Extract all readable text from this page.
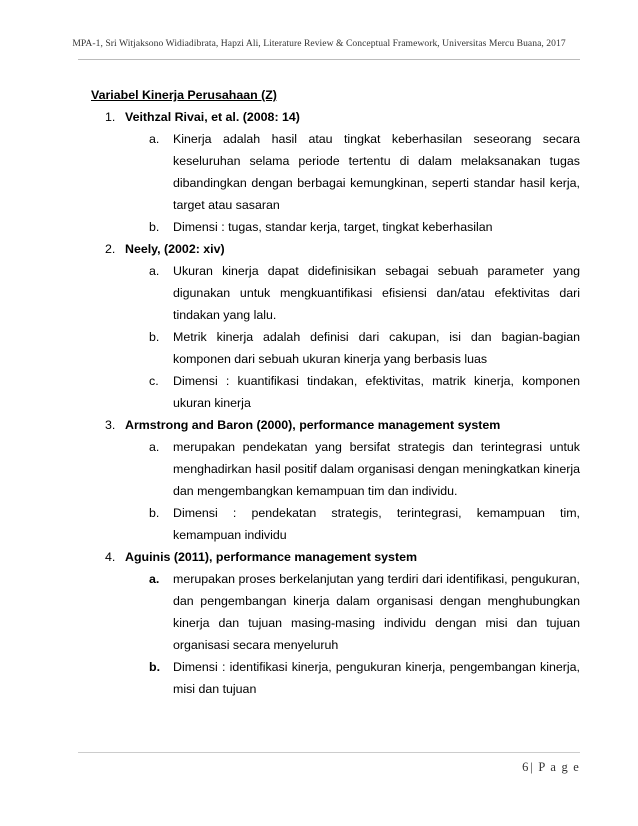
MPA-1, Sri Witjaksono Widiadibrata, Hapzi Ali, Literature Review & Conceptual Framework, Universitas Mercu Buana, 2017
Variabel Kinerja Perusahaan (Z)
1. Veithzal Rivai, et al. (2008: 14)
a. Kinerja adalah hasil atau tingkat keberhasilan seseorang secara keseluruhan selama periode tertentu di dalam melaksanakan tugas dibandingkan dengan berbagai kemungkinan, seperti standar hasil kerja, target atau sasaran
b. Dimensi : tugas, standar kerja, target, tingkat keberhasilan
2. Neely, (2002: xiv)
a. Ukuran kinerja dapat didefinisikan sebagai sebuah parameter yang digunakan untuk mengkuantifikasi efisiensi dan/atau efektivitas dari tindakan yang lalu.
b. Metrik kinerja adalah definisi dari cakupan, isi dan bagian-bagian komponen dari sebuah ukuran kinerja yang berbasis luas
c. Dimensi : kuantifikasi tindakan, efektivitas, matrik kinerja, komponen ukuran kinerja
3. Armstrong and Baron (2000), performance management system
a. merupakan pendekatan yang bersifat strategis dan terintegrasi untuk menghadirkan hasil positif dalam organisasi dengan meningkatkan kinerja dan mengembangkan kemampuan tim dan individu.
b. Dimensi : pendekatan strategis, terintegrasi, kemampuan tim, kemampuan individu
4. Aguinis (2011), performance management system
a. merupakan proses berkelanjutan yang terdiri dari identifikasi, pengukuran, dan pengembangan kinerja dalam organisasi dengan menghubungkan kinerja dan tujuan masing-masing individu dengan misi dan tujuan organisasi secara menyeluruh
b. Dimensi : identifikasi kinerja, pengukuran kinerja, pengembangan kinerja, misi dan tujuan
6 | P a g e
